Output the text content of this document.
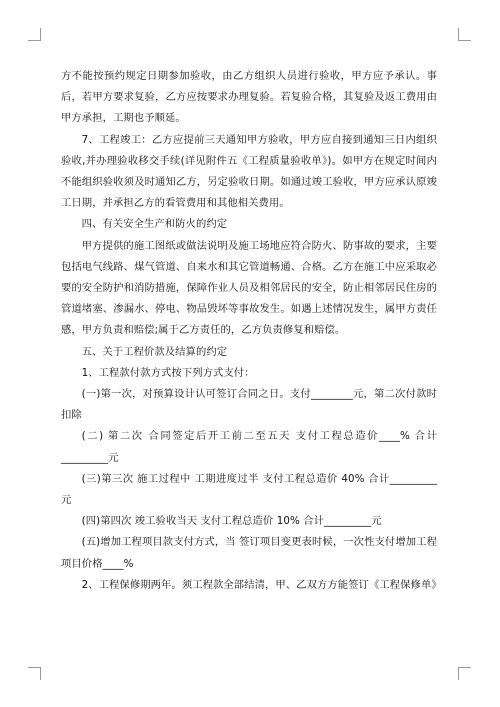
方不能按预约规定日期参加验收，由乙方组织人员进行验收，甲方应予承认。事后，若甲方要求复验，乙方应按要求办理复验。若复验合格，其复验及返工费用由甲方承担，工期也予顺延。

7、工程竣工：乙方应提前三天通知甲方验收，甲方应自接到通知三日内组织验收,并办理验收移交手续(详见附件五《工程质量验收单》)。如甲方在规定时间内不能组织验收须及时通知乙方，另定验收日期。如通过竣工验收，甲方应承认原竣工日期，并承担乙方的看管费用和其他相关费用。

四、有关安全生产和防火的约定

甲方提供的施工图纸或做法说明及施工场地应符合防火、防事故的要求，主要包括电气线路、煤气管道、自来水和其它管道畅通、合格。乙方在施工中应采取必要的安全防护和消防措施，保障作业人员及相邻居民的安全，防止相邻居民住房的管道堵塞、渗漏水、停电、物品毁坏等事故发生。如遇上述情况发生，属甲方责任感，甲方负责和赔偿;属于乙方责任的，乙方负责修复和赔偿。

五、关于工程价款及结算的约定

1、工程款付款方式按下列方式支付：

(一)第一次，对预算设计认可签订合同之日。支付________元，第二次付款时扣除

(二) 第二次 合同签定后开工前二至五天 支付工程总造价____% 合计_________元

(三)第三次 施工过程中 工期进度过半 支付工程总造价 40% 合计_________元

(四)第四次 竣工验收当天 支付工程总造价 10% 合计_________元

(五)增加工程项目款支付方式，当 签订项目变更表时候，一次性支付增加工程项目价格____%

2、工程保修期两年。须工程款全部结清，甲、乙双方方能签订《工程保修单》
